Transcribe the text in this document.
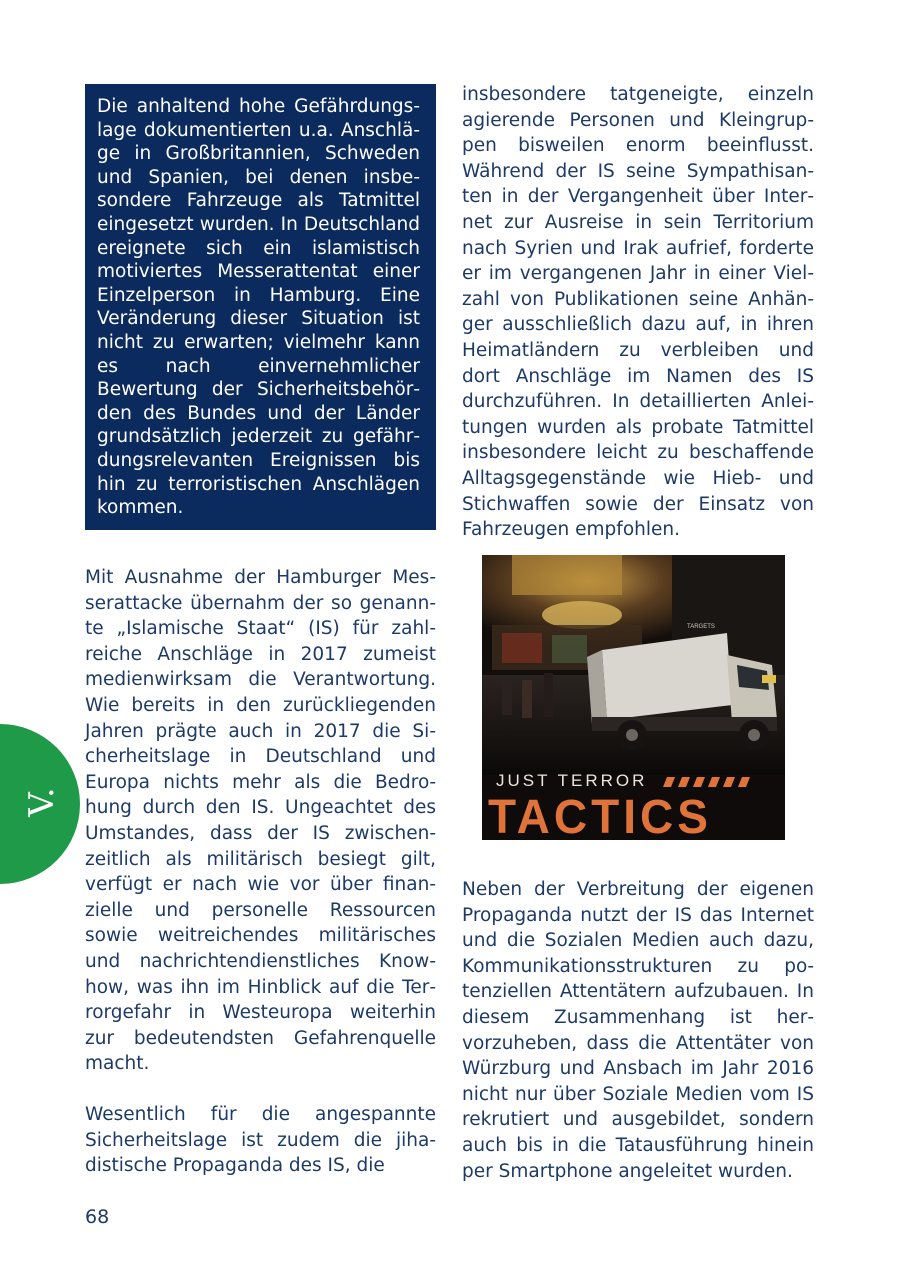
Die anhaltend hohe Gefährdungslage dokumentierten u.a. Anschläge in Großbritannien, Schweden und Spanien, bei denen insbesondere Fahrzeuge als Tatmittel eingesetzt wurden. In Deutschland ereignete sich ein islamistisch motiviertes Messerattentat einer Einzelperson in Hamburg. Eine Veränderung dieser Situation ist nicht zu erwarten; vielmehr kann es nach einvernehmlicher Bewertung der Sicherheitsbehörden des Bundes und der Länder grundsätzlich jederzeit zu gefährdungsrelevanten Ereignissen bis hin zu terroristischen Anschlägen kommen.

Mit Ausnahme der Hamburger Messerattacke übernahm der so genannte „Islamische Staat“ (IS) für zahlreiche Anschläge in 2017 zumeist medienwirksam die Verantwortung. Wie bereits in den zurückliegenden Jahren prägte auch in 2017 die Sicherheitslage in Deutschland und Europa nichts mehr als die Bedrohung durch den IS. Ungeachtet des Umstandes, dass der IS zwischenzeitlich als militärisch besiegt gilt, verfügt er nach wie vor über finanzielle und personelle Ressourcen sowie weitreichendes militärisches und nachrichtendienstliches Know-how, was ihn im Hinblick auf die Terrorgefahr in Westeuropa weiterhin zur bedeutendsten Gefahrenquelle macht.

Wesentlich für die angespannte Sicherheitslage ist zudem die jihadistische Propaganda des IS, die

insbesondere tatgeneigte, einzeln agierende Personen und Kleingruppen bisweilen enorm beeinflusst. Während der IS seine Sympathisanten in der Vergangenheit über Internet zur Ausreise in sein Territorium nach Syrien und Irak aufrief, forderte er im vergangenen Jahr in einer Vielzahl von Publikationen seine Anhänger ausschließlich dazu auf, in ihren Heimatländern zu verbleiben und dort Anschläge im Namen des IS durchzuführen. In detaillierten Anleitungen wurden als probate Tatmittel insbesondere leicht zu beschaffende Alltagsgegenstände wie Hieb- und Stichwaffen sowie der Einsatz von Fahrzeugen empfohlen.

TARGETS
JUST TERROR
TACTICS

Neben der Verbreitung der eigenen Propaganda nutzt der IS das Internet und die Sozialen Medien auch dazu, Kommunikationsstrukturen zu potenziellen Attentätern aufzubauen. In diesem Zusammenhang ist hervorzuheben, dass die Attentäter von Würzburg und Ansbach im Jahr 2016 nicht nur über Soziale Medien vom IS rekrutiert und ausgebildet, sondern auch bis in die Tatausführung hinein per Smartphone angeleitet wurden.

V.
68
